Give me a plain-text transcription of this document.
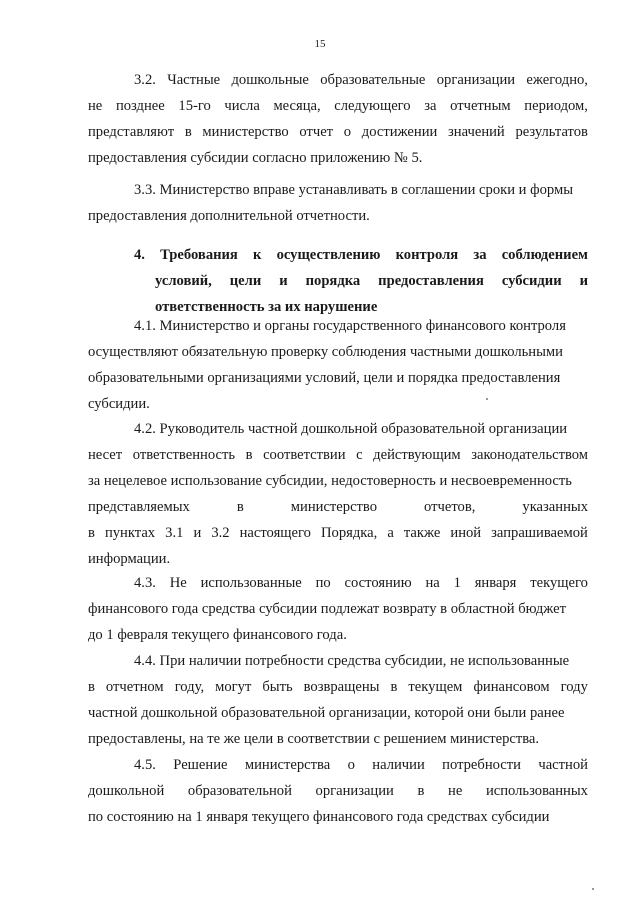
15
3.2. Частные дошкольные образовательные организации ежегодно,
не позднее 15-го числа месяца, следующего за отчетным периодом,
представляют в министерство отчет о достижении значений результатов
предоставления субсидии согласно приложению № 5.
3.3. Министерство вправе устанавливать в соглашении сроки и формы
предоставления дополнительной отчетности.
4. Требования к осуществлению контроля за соблюдением
условий, цели и порядка предоставления субсидии и
ответственность за их нарушение
4.1. Министерство и органы государственного финансового контроля
осуществляют обязательную проверку соблюдения частными дошкольными
образовательными организациями условий, цели и порядка предоставления
субсидии.
4.2. Руководитель частной дошкольной образовательной организации
несет ответственность в соответствии с действующим законодательством
за нецелевое использование субсидии, недостоверность и несвоевременность
представляемых	в	министерство	отчетов,	указанных
в пунктах 3.1 и 3.2 настоящего Порядка, а также иной запрашиваемой
информации.
4.3. Не использованные по состоянию на 1 января текущего
финансового года средства субсидии подлежат возврату в областной бюджет
до 1 февраля текущего финансового года.
4.4. При наличии потребности средства субсидии, не использованные
в отчетном году, могут быть возвращены в текущем финансовом году
частной дошкольной образовательной организации, которой они были ранее
предоставлены, на те же цели в соответствии с решением министерства.
4.5. Решение министерства о наличии потребности частной
дошкольной образовательной организации в не использованных
по состоянию на 1 января текущего финансового года средствах субсидии
